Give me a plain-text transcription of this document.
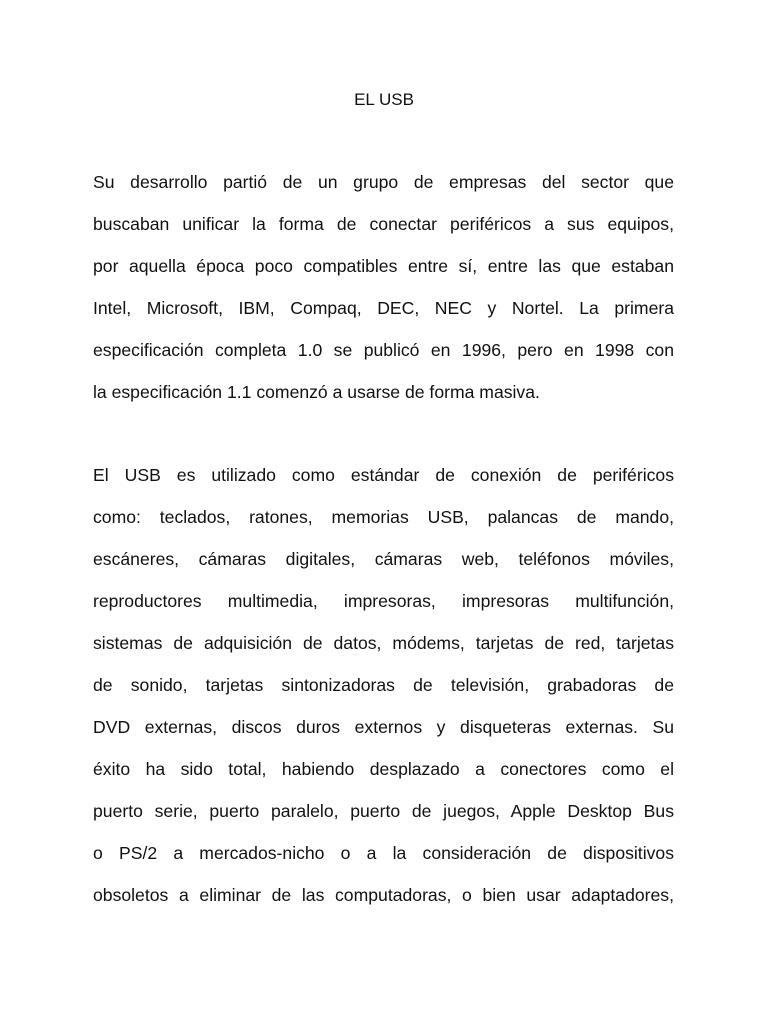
EL USB
Su desarrollo partió de un grupo de empresas del sector que
buscaban unificar la forma de conectar periféricos a sus equipos,
por aquella época poco compatibles entre sí, entre las que estaban
Intel, Microsoft, IBM, Compaq, DEC, NEC y Nortel. La primera
especificación completa 1.0 se publicó en 1996, pero en 1998 con
la especificación 1.1 comenzó a usarse de forma masiva.
El USB es utilizado como estándar de conexión de periféricos
como: teclados, ratones, memorias USB, palancas de mando,
escáneres, cámaras digitales, cámaras web, teléfonos móviles,
reproductores multimedia, impresoras, impresoras multifunción,
sistemas de adquisición de datos, módems, tarjetas de red, tarjetas
de sonido, tarjetas sintonizadoras de televisión, grabadoras de
DVD externas, discos duros externos y disqueteras externas. Su
éxito ha sido total, habiendo desplazado a conectores como el
puerto serie, puerto paralelo, puerto de juegos, Apple Desktop Bus
o PS/2 a mercados-nicho o a la consideración de dispositivos
obsoletos a eliminar de las computadoras, o bien usar adaptadores,
